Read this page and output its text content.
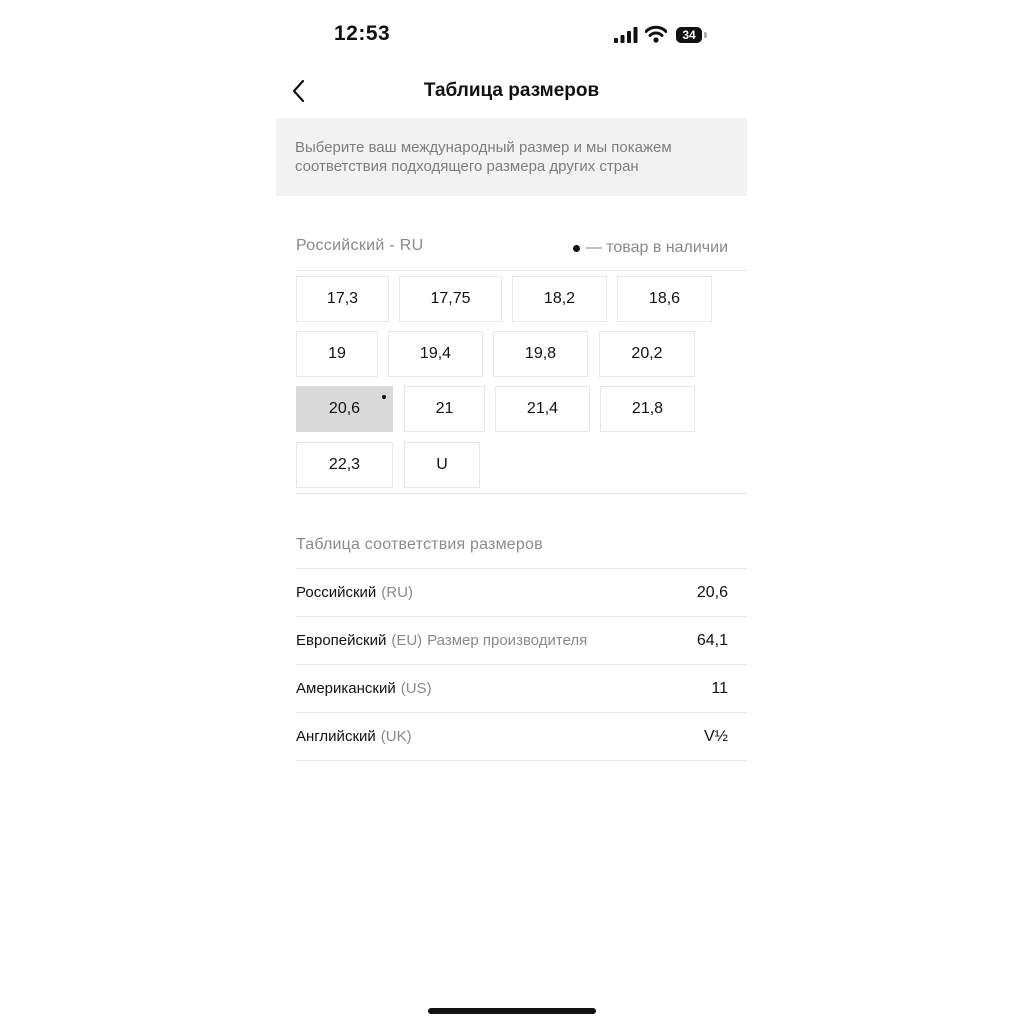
12:53	34
Таблица размеров
Выберите ваш международный размер и мы покажем соответствия подходящего размера других стран
Российский - RU	— товар в наличии
17,3	17,75	18,2	18,6
19	19,4	19,8	20,2
20,6	21	21,4	21,8
22,3	U
Таблица соответствия размеров
Российский (RU)	20,6
Европейский (EU) Размер производителя	64,1
Американский (US)	11
Английский (UK)	V½
